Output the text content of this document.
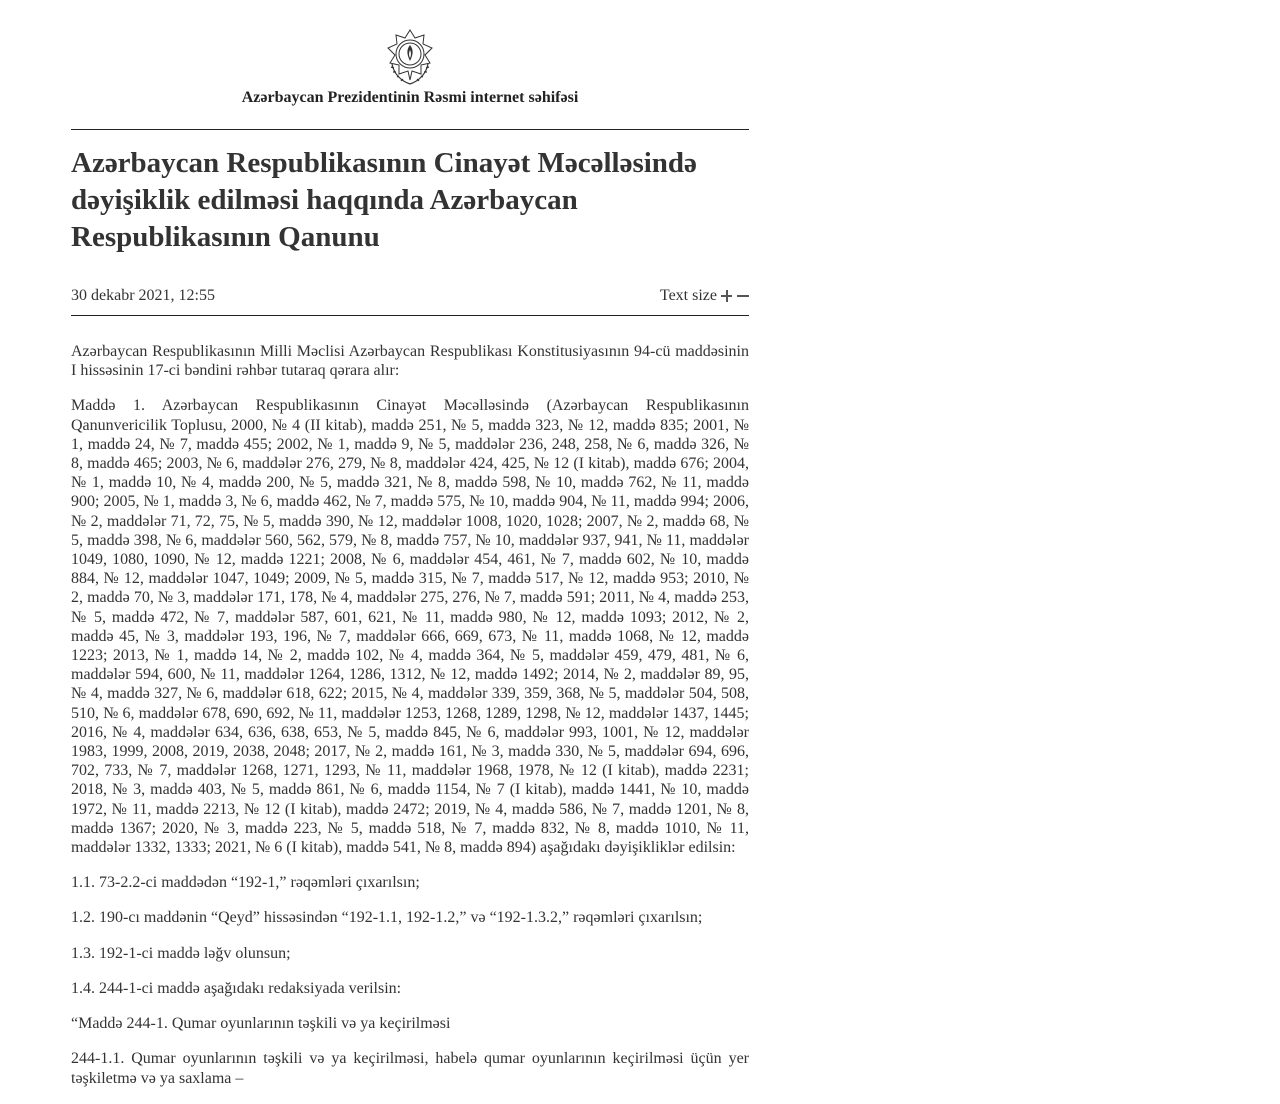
Azərbaycan Prezidentinin Rəsmi internet səhifəsi
Azərbaycan Respublikasının Cinayət Məcəlləsində dəyişiklik edilməsi haqqında Azərbaycan Respublikasının Qanunu
30 dekabr 2021, 12:55	Text size

Azərbaycan Respublikasının Milli Məclisi Azərbaycan Respublikası Konstitusiyasının 94-cü maddəsinin I hissəsinin 17-ci bəndini rəhbər tutaraq qərara alır:

Maddə 1. Azərbaycan Respublikasının Cinayət Məcəlləsində (Azərbaycan Respublikasının Qanunvericilik Toplusu, 2000, № 4 (II kitab), maddə 251, № 5, maddə 323, № 12, maddə 835; 2001, № 1, maddə 24, № 7, maddə 455; 2002, № 1, maddə 9, № 5, maddələr 236, 248, 258, № 6, maddə 326, № 8, maddə 465; 2003, № 6, maddələr 276, 279, № 8, maddələr 424, 425, № 12 (I kitab), maddə 676; 2004, № 1, maddə 10, № 4, maddə 200, № 5, maddə 321, № 8, maddə 598, № 10, maddə 762, № 11, maddə 900; 2005, № 1, maddə 3, № 6, maddə 462, № 7, maddə 575, № 10, maddə 904, № 11, maddə 994; 2006, № 2, maddələr 71, 72, 75, № 5, maddə 390, № 12, maddələr 1008, 1020, 1028; 2007, № 2, maddə 68, № 5, maddə 398, № 6, maddələr 560, 562, 579, № 8, maddə 757, № 10, maddələr 937, 941, № 11, maddələr 1049, 1080, 1090, № 12, maddə 1221; 2008, № 6, maddələr 454, 461, № 7, maddə 602, № 10, maddə 884, № 12, maddələr 1047, 1049; 2009, № 5, maddə 315, № 7, maddə 517, № 12, maddə 953; 2010, № 2, maddə 70, № 3, maddələr 171, 178, № 4, maddələr 275, 276, № 7, maddə 591; 2011, № 4, maddə 253, № 5, maddə 472, № 7, maddələr 587, 601, 621, № 11, maddə 980, № 12, maddə 1093; 2012, № 2, maddə 45, № 3, maddələr 193, 196, № 7, maddələr 666, 669, 673, № 11, maddə 1068, № 12, maddə 1223; 2013, № 1, maddə 14, № 2, maddə 102, № 4, maddə 364, № 5, maddələr 459, 479, 481, № 6, maddələr 594, 600, № 11, maddələr 1264, 1286, 1312, № 12, maddə 1492; 2014, № 2, maddələr 89, 95, № 4, maddə 327, № 6, maddələr 618, 622; 2015, № 4, maddələr 339, 359, 368, № 5, maddələr 504, 508, 510, № 6, maddələr 678, 690, 692, № 11, maddələr 1253, 1268, 1289, 1298, № 12, maddələr 1437, 1445; 2016, № 4, maddələr 634, 636, 638, 653, № 5, maddə 845, № 6, maddələr 993, 1001, № 12, maddələr 1983, 1999, 2008, 2019, 2038, 2048; 2017, № 2, maddə 161, № 3, maddə 330, № 5, maddələr 694, 696, 702, 733, № 7, maddələr 1268, 1271, 1293, № 11, maddələr 1968, 1978, № 12 (I kitab), maddə 2231; 2018, № 3, maddə 403, № 5, maddə 861, № 6, maddə 1154, № 7 (I kitab), maddə 1441, № 10, maddə 1972, № 11, maddə 2213, № 12 (I kitab), maddə 2472; 2019, № 4, maddə 586, № 7, maddə 1201, № 8, maddə 1367; 2020, № 3, maddə 223, № 5, maddə 518, № 7, maddə 832, № 8, maddə 1010, № 11, maddələr 1332, 1333; 2021, № 6 (I kitab), maddə 541, № 8, maddə 894) aşağıdakı dəyişikliklər edilsin:

1.1. 73-2.2-ci maddədən “192-1,” rəqəmləri çıxarılsın;

1.2. 190-cı maddənin “Qeyd” hissəsindən “192-1.1, 192-1.2,” və “192-1.3.2,” rəqəmləri çıxarılsın;

1.3. 192-1-ci maddə ləğv olunsun;

1.4. 244-1-ci maddə aşağıdakı redaksiyada verilsin:

“Maddə 244-1. Qumar oyunlarının təşkili və ya keçirilməsi

244-1.1. Qumar oyunlarının təşkili və ya keçirilməsi, habelə qumar oyunlarının keçirilməsi üçün yer təşkiletmə və ya saxlama –
